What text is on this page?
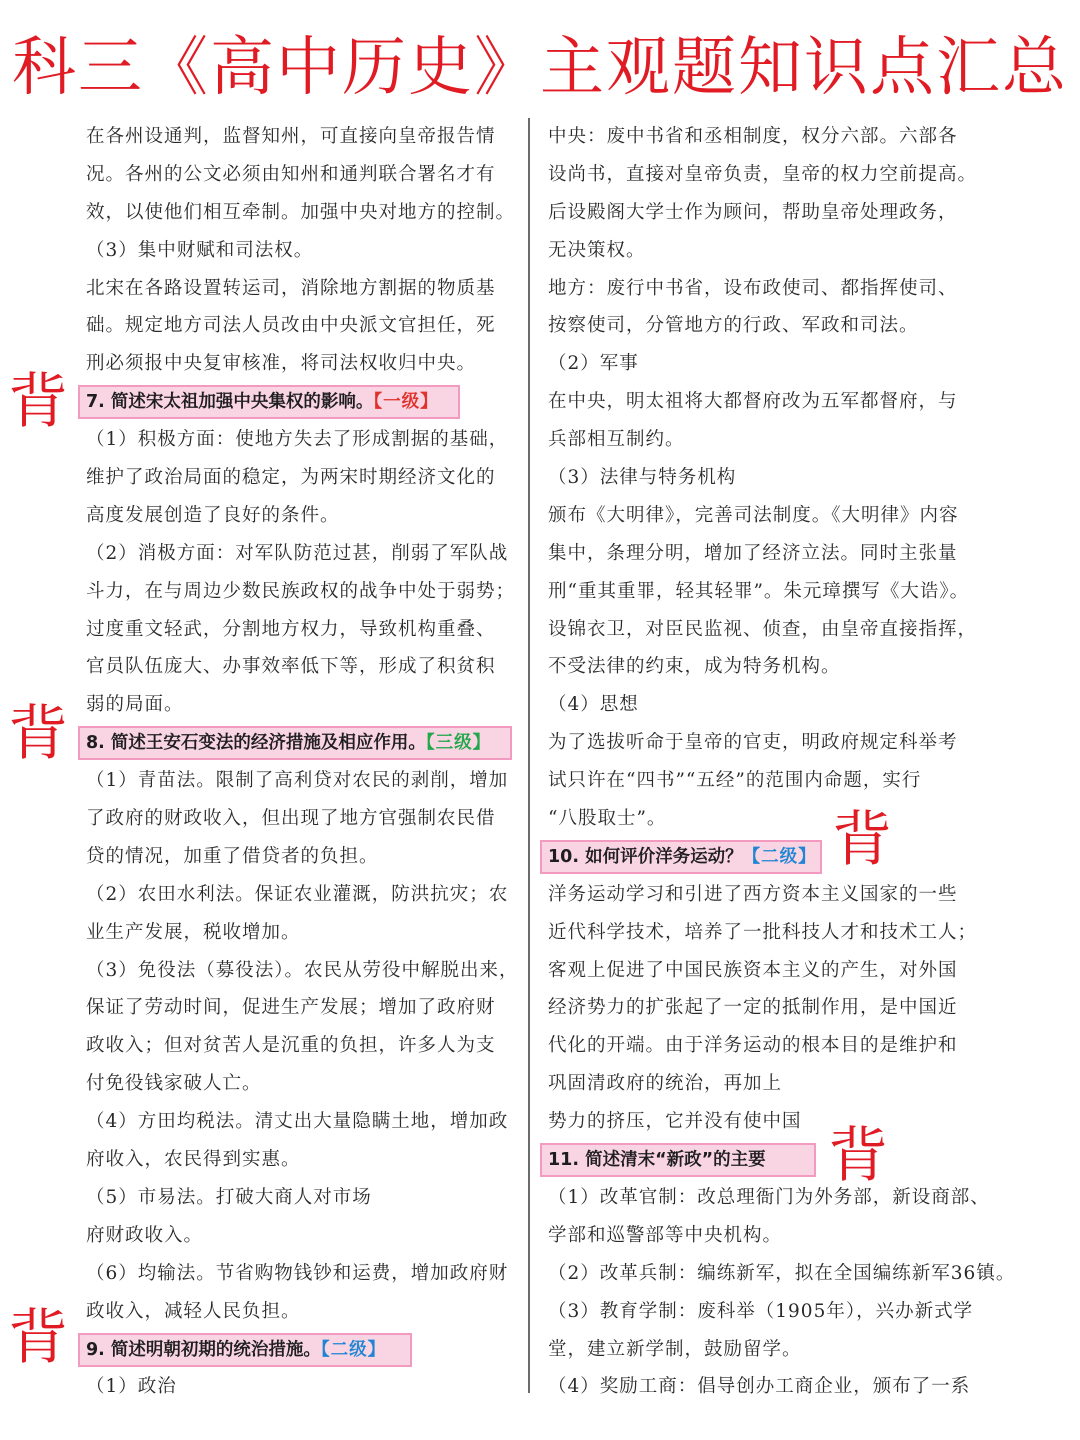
科三《高中历史》主观题知识点汇总
在各州设通判，监督知州，可直接向皇帝报告情
况。各州的公文必须由知州和通判联合署名才有
效，以使他们相互牵制。加强中央对地方的控制。
（3）集中财赋和司法权。
北宋在各路设置转运司，消除地方割据的物质基
础。规定地方司法人员改由中央派文官担任，死
刑必须报中央复审核准，将司法权收归中央。
7. 简述宋太祖加强中央集权的影响。【一级】
（1）积极方面：使地方失去了形成割据的基础，
维护了政治局面的稳定，为两宋时期经济文化的
高度发展创造了良好的条件。
（2）消极方面：对军队防范过甚，削弱了军队战
斗力，在与周边少数民族政权的战争中处于弱势；
过度重文轻武，分割地方权力，导致机构重叠、
官员队伍庞大、办事效率低下等，形成了积贫积
弱的局面。
8. 简述王安石变法的经济措施及相应作用。【三级】
（1）青苗法。限制了高利贷对农民的剥削，增加
了政府的财政收入，但出现了地方官强制农民借
贷的情况，加重了借贷者的负担。
（2）农田水利法。保证农业灌溉，防洪抗灾；农
业生产发展，税收增加。
（3）免役法（募役法）。农民从劳役中解脱出来，
保证了劳动时间，促进生产发展；增加了政府财
政收入；但对贫苦人是沉重的负担，许多人为支
付免役钱家破人亡。
（4）方田均税法。清丈出大量隐瞒土地，增加政
府收入，农民得到实惠。
（5）市易法。打破大商人对市场
府财政收入。
（6）均输法。节省购物钱钞和运费，增加政府财
政收入，减轻人民负担。
9. 简述明朝初期的统治措施。【二级】
（1）政治
中央：废中书省和丞相制度，权分六部。六部各
设尚书，直接对皇帝负责，皇帝的权力空前提高。
后设殿阁大学士作为顾问，帮助皇帝处理政务，
无决策权。
地方：废行中书省，设布政使司、都指挥使司、
按察使司，分管地方的行政、军政和司法。
（2）军事
在中央，明太祖将大都督府改为五军都督府，与
兵部相互制约。
（3）法律与特务机构
颁布《大明律》，完善司法制度。《大明律》内容
集中，条理分明，增加了经济立法。同时主张量
刑“重其重罪，轻其轻罪”。朱元璋撰写《大诰》。
设锦衣卫，对臣民监视、侦查，由皇帝直接指挥，
不受法律的约束，成为特务机构。
（4）思想
为了选拔听命于皇帝的官吏，明政府规定科举考
试只许在“四书”“五经”的范围内命题，实行
“八股取士”。
10. 如何评价洋务运动？【二级】
洋务运动学习和引进了西方资本主义国家的一些
近代科学技术，培养了一批科技人才和技术工人；
客观上促进了中国民族资本主义的产生，对外国
经济势力的扩张起了一定的抵制作用，是中国近
代化的开端。由于洋务运动的根本目的是维护和
巩固清政府的统治，再加上
势力的挤压，它并没有使中国
11. 简述清末“新政”的主要
（1）改革官制：改总理衙门为外务部，新设商部、
学部和巡警部等中央机构。
（2）改革兵制：编练新军，拟在全国编练新军36镇。
（3）教育学制：废科举（1905年），兴办新式学
堂，建立新学制，鼓励留学。
（4）奖励工商：倡导创办工商企业，颁布了一系
背
背
背
背
背
